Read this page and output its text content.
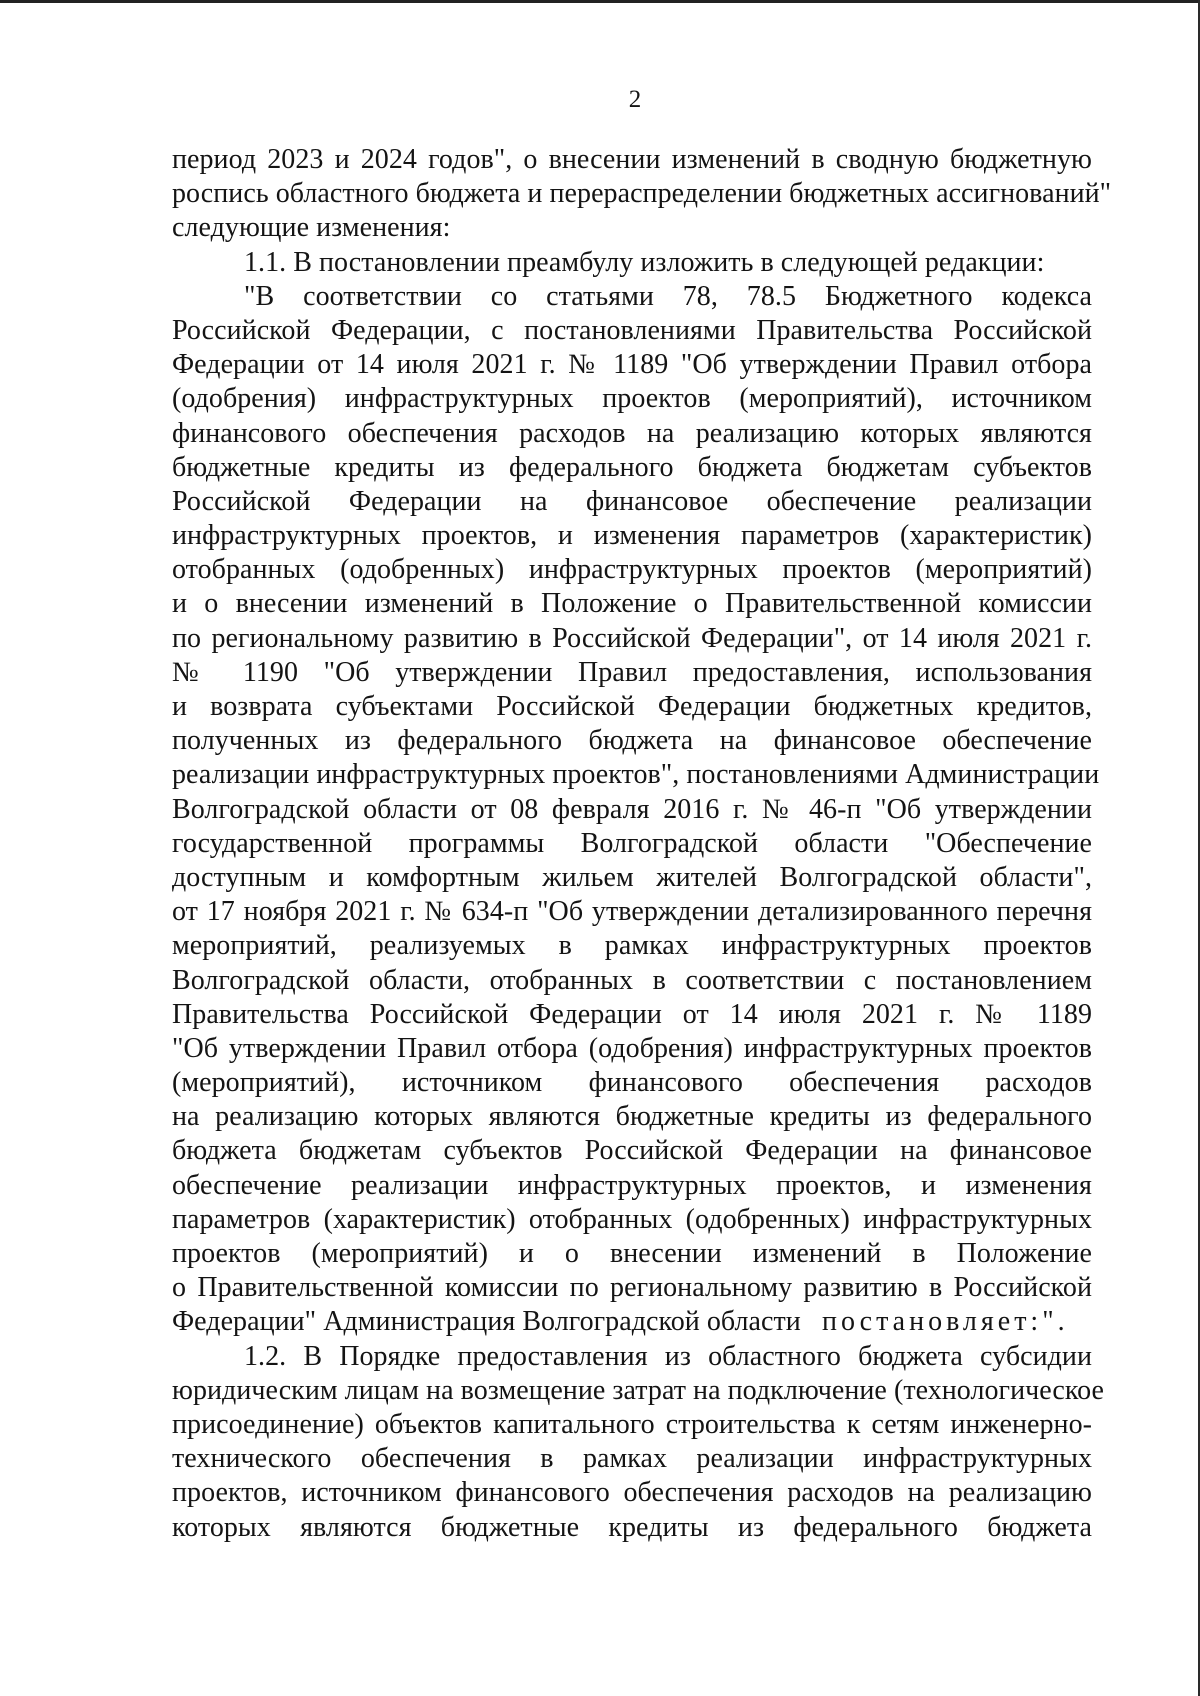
2
период 2023 и 2024 годов", о внесении изменений в сводную бюджетную
роспись областного бюджета и перераспределении бюджетных ассигнований"
следующие изменения:
1.1. В постановлении преамбулу изложить в следующей редакции:
"В соответствии со статьями 78, 78.5 Бюджетного кодекса
Российской Федерации, с постановлениями Правительства Российской
Федерации от 14 июля 2021 г. № 1189 "Об утверждении Правил отбора
(одобрения) инфраструктурных проектов (мероприятий), источником
финансового обеспечения расходов на реализацию которых являются
бюджетные кредиты из федерального бюджета бюджетам субъектов
Российской Федерации на финансовое обеспечение реализации
инфраструктурных проектов, и изменения параметров (характеристик)
отобранных (одобренных) инфраструктурных проектов (мероприятий)
и о внесении изменений в Положение о Правительственной комиссии
по региональному развитию в Российской Федерации", от 14 июля 2021 г.
№ 1190 "Об утверждении Правил предоставления, использования
и возврата субъектами Российской Федерации бюджетных кредитов,
полученных из федерального бюджета на финансовое обеспечение
реализации инфраструктурных проектов", постановлениями Администрации
Волгоградской области от 08 февраля 2016 г. № 46-п "Об утверждении
государственной программы Волгоградской области "Обеспечение
доступным и комфортным жильем жителей Волгоградской области",
от 17 ноября 2021 г. № 634-п "Об утверждении детализированного перечня
мероприятий, реализуемых в рамках инфраструктурных проектов
Волгоградской области, отобранных в соответствии с постановлением
Правительства Российской Федерации от 14 июля 2021 г. № 1189
"Об утверждении Правил отбора (одобрения) инфраструктурных проектов
(мероприятий), источником финансового обеспечения расходов
на реализацию которых являются бюджетные кредиты из федерального
бюджета бюджетам субъектов Российской Федерации на финансовое
обеспечение реализации инфраструктурных проектов, и изменения
параметров (характеристик) отобранных (одобренных) инфраструктурных
проектов (мероприятий) и о внесении изменений в Положение
о Правительственной комиссии по региональному развитию в Российской
Федерации" Администрация Волгоградской области постановляет:".
1.2. В Порядке предоставления из областного бюджета субсидии
юридическим лицам на возмещение затрат на подключение (технологическое
присоединение) объектов капитального строительства к сетям инженерно-
технического обеспечения в рамках реализации инфраструктурных
проектов, источником финансового обеспечения расходов на реализацию
которых являются бюджетные кредиты из федерального бюджета
